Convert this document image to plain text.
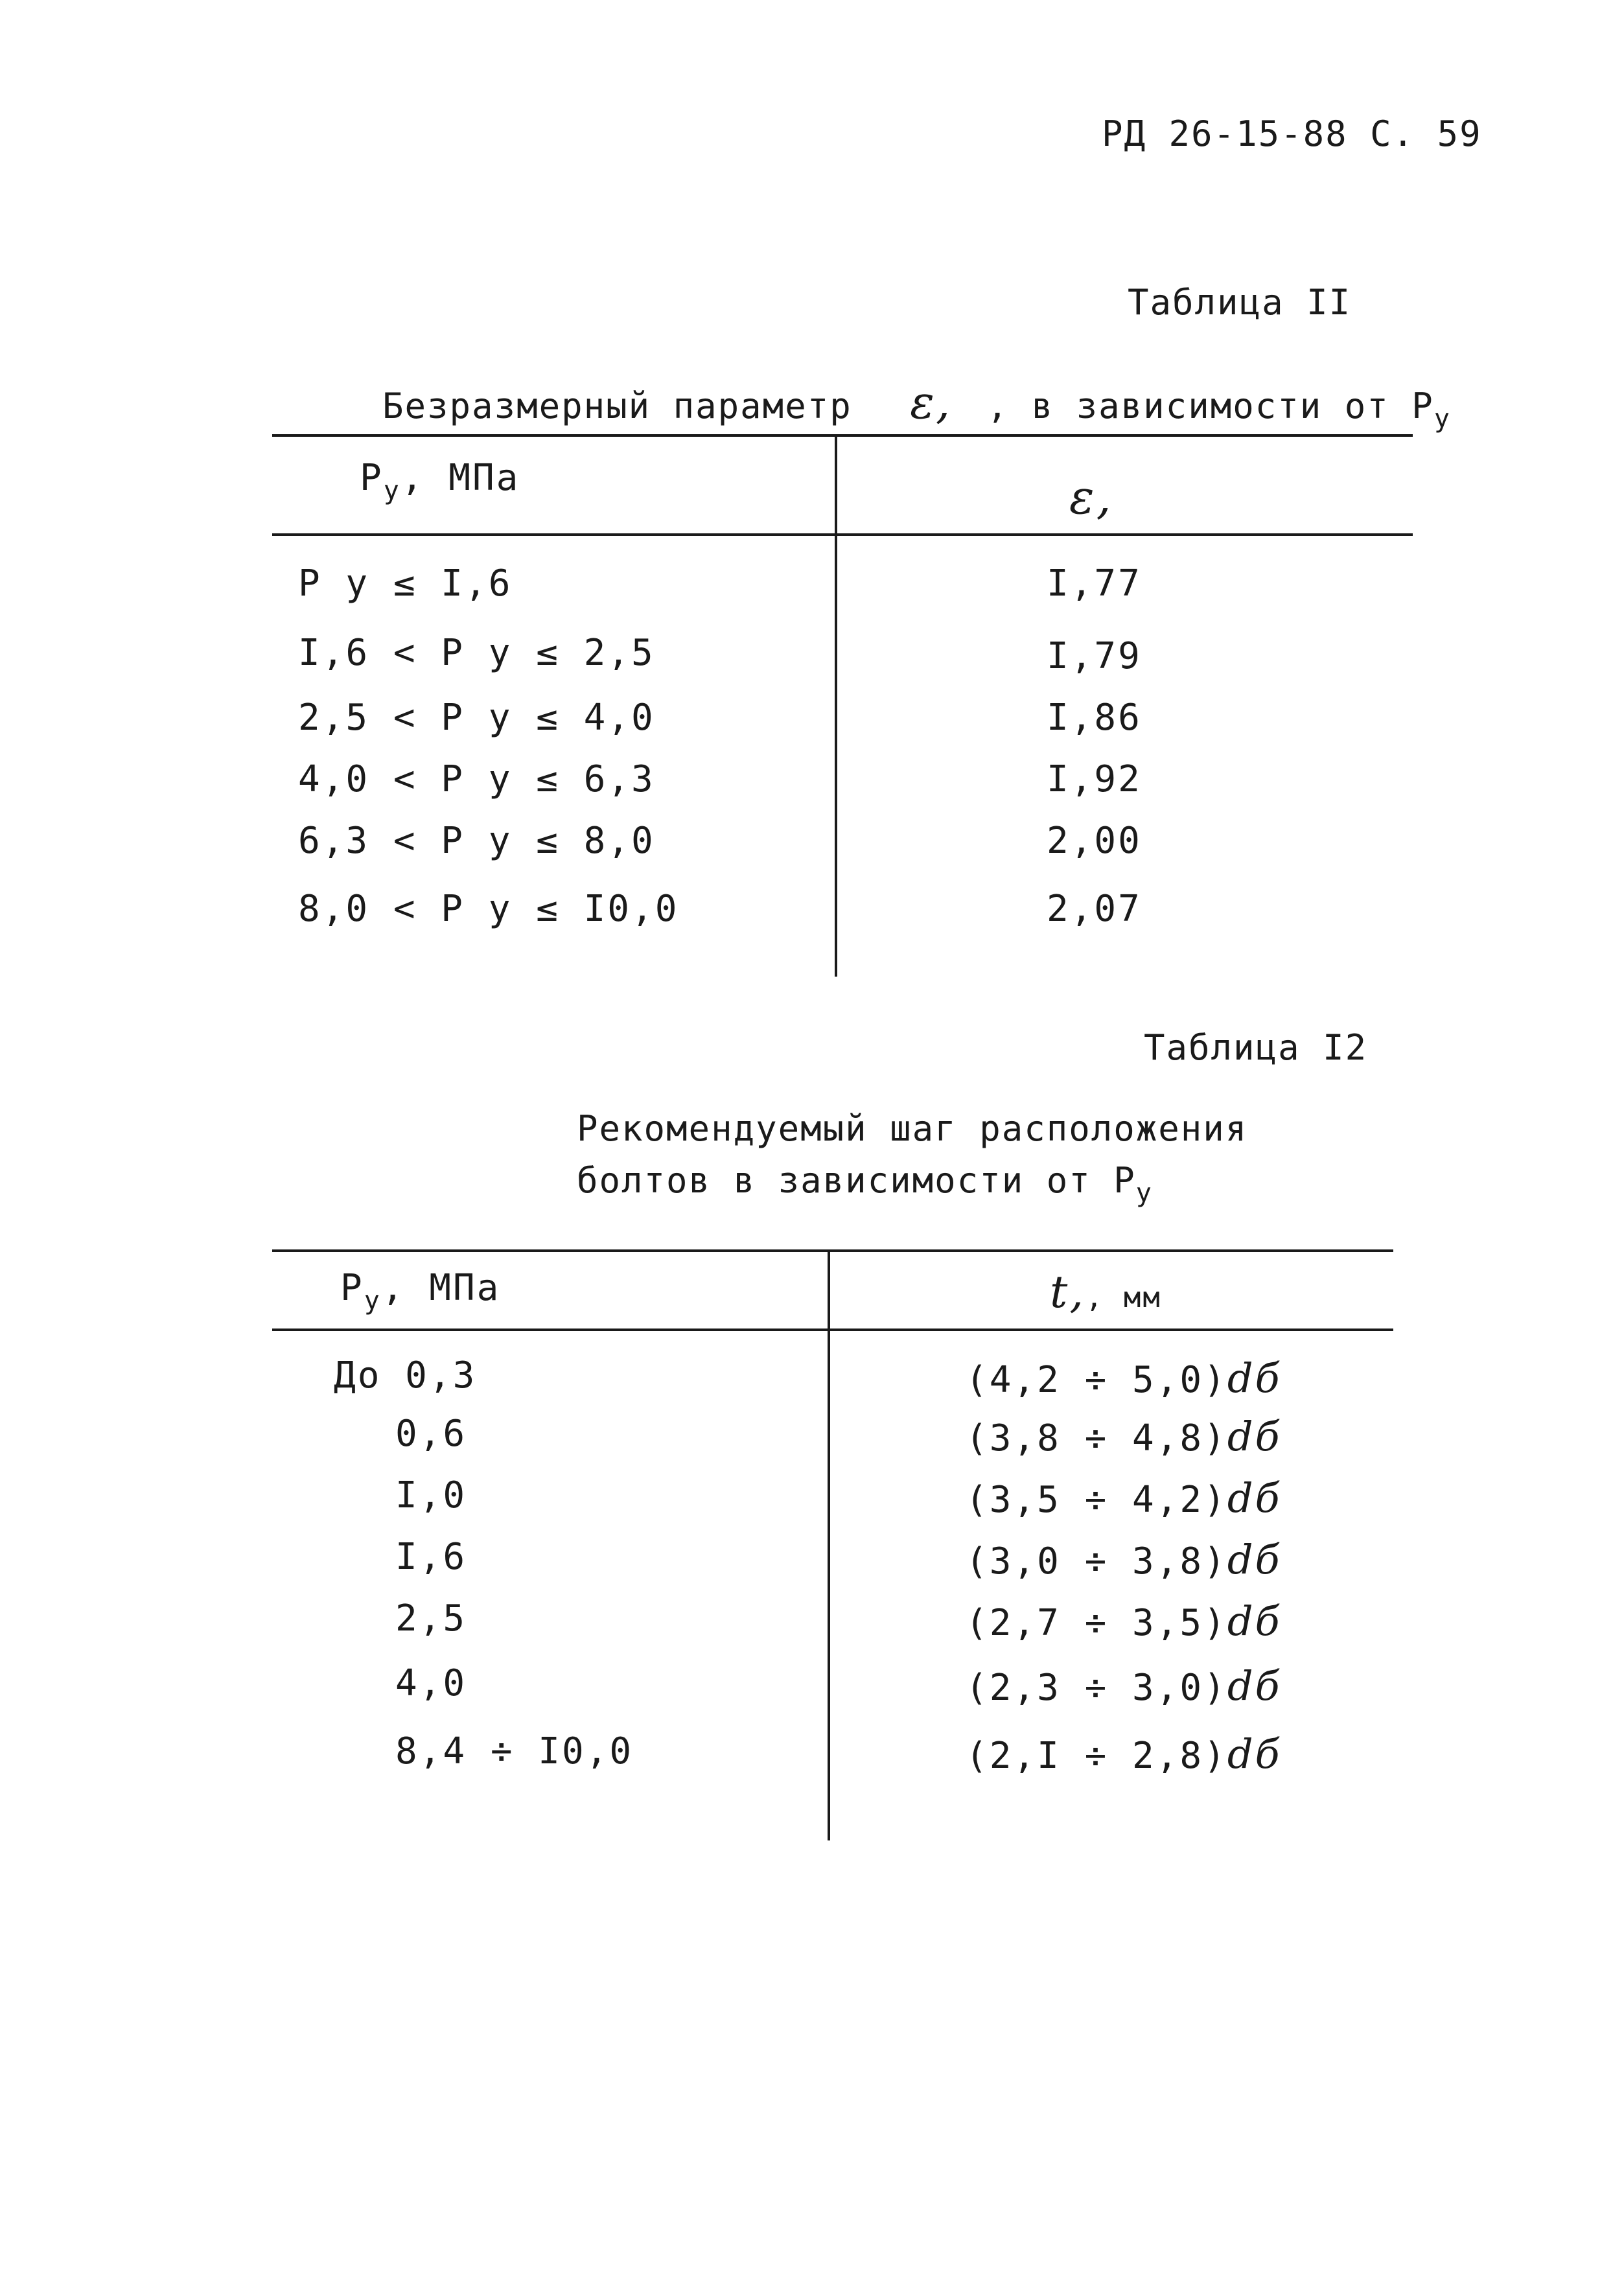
РД 26-15-88 С. 59
Таблица II
Безразмерный параметр ε, , в зависимости от $P_у$
$P_у$, МПа	ε,
P у ≤ I,6	I,77
I,6 < P у ≤ 2,5	I,79
2,5 < P у ≤ 4,0	I,86
4,0 < P у ≤ 6,3	I,92
6,3 < P у ≤ 8,0	2,00
8,0 < P у ≤ I0,0	2,07
Таблица I2
Рекомендуемый шаг расположения
болтов в зависимости от $P_у$
$P_у$, МПа	t,, мм
До 0,3	(4,2 ÷ 5,0)dб
0,6	(3,8 ÷ 4,8)dб
I,0	(3,5 ÷ 4,2)dб
I,6	(3,0 ÷ 3,8)dб
2,5	(2,7 ÷ 3,5)dб
4,0	(2,3 ÷ 3,0)dб
8,4 ÷ I0,0	(2,I ÷ 2,8)dб
